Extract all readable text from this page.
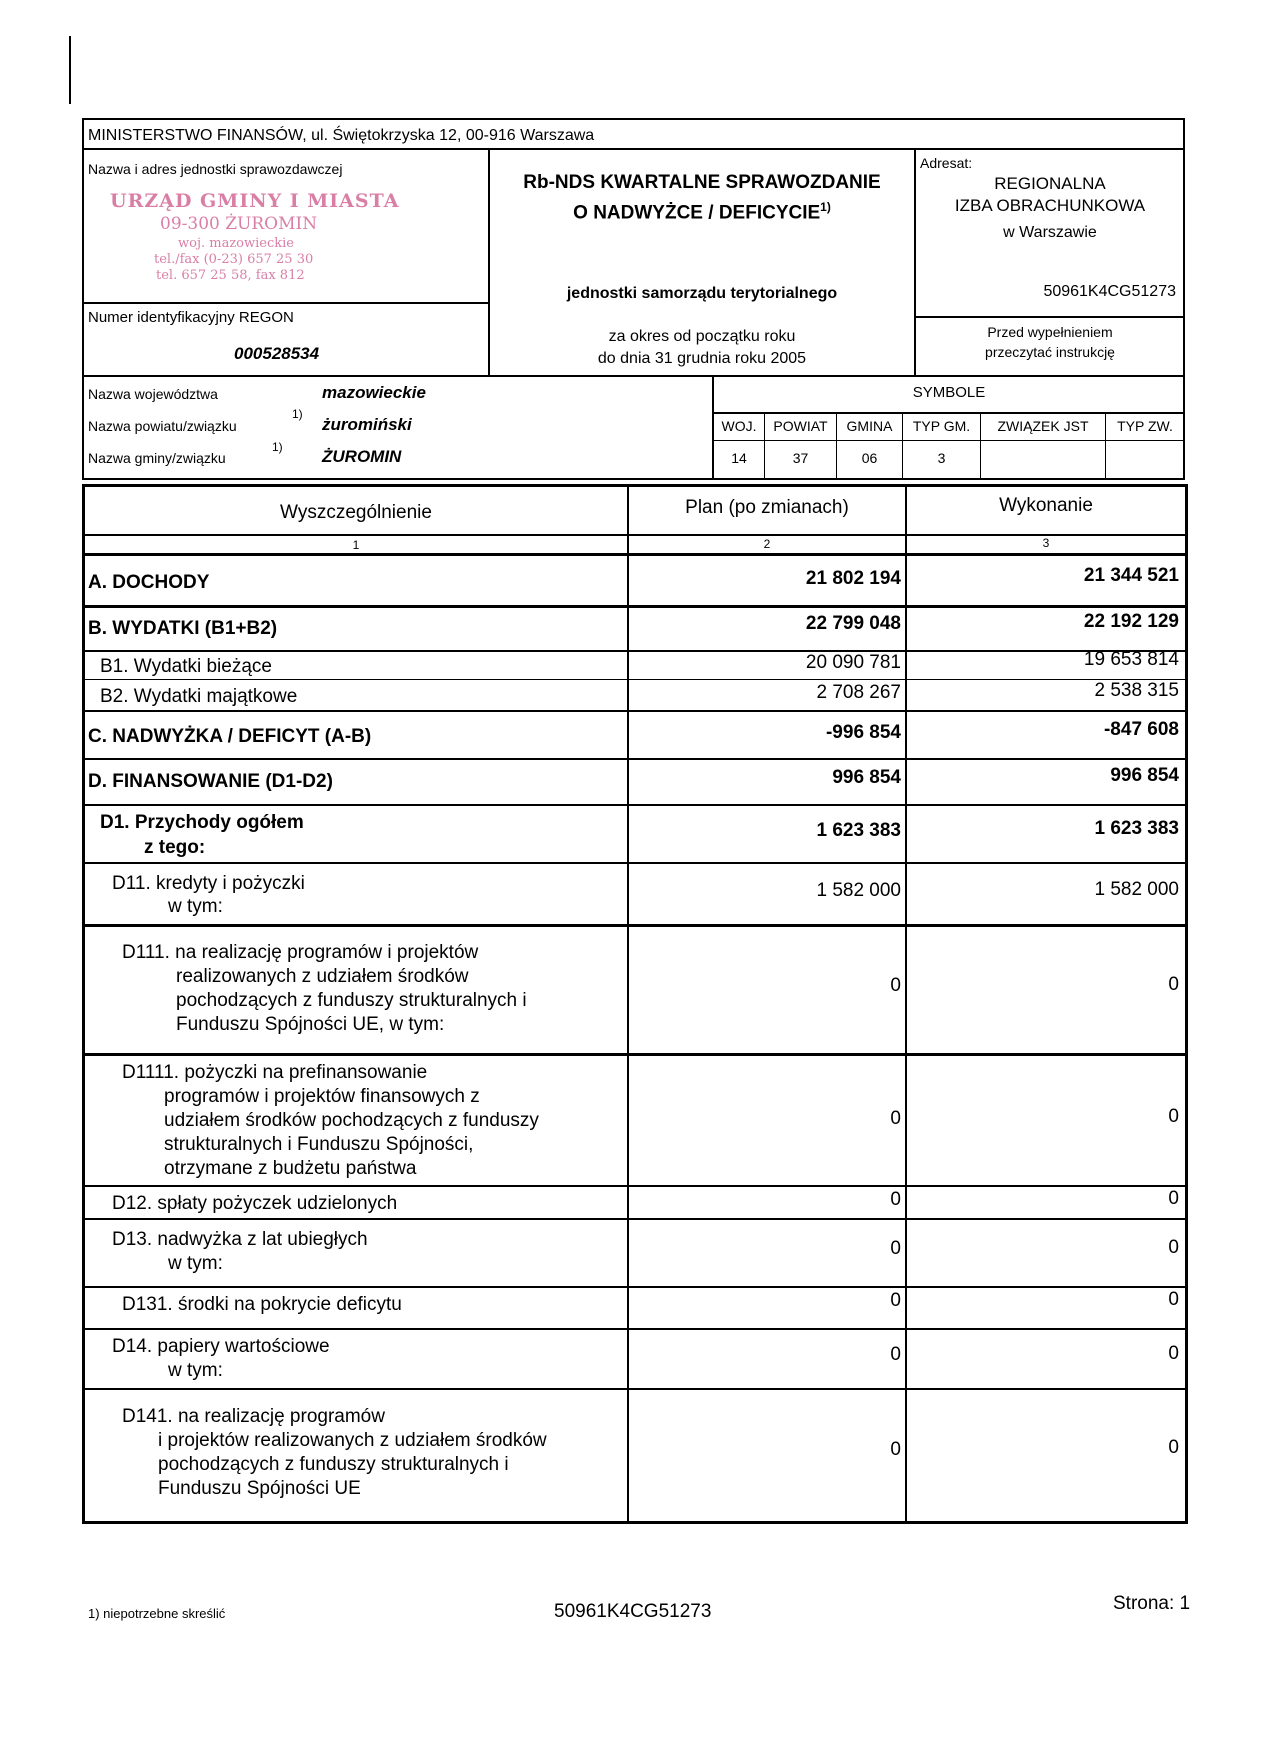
MINISTERSTWO FINANSÓW, ul. Świętokrzyska 12, 00-916 Warszawa
Nazwa i adres jednostki sprawozdawczej
URZĄD GMINY I MIASTA
09-300 ŻUROMIN
woj. mazowieckie
tel./fax (0-23) 657 25 30
tel. 657 25 58, fax 812
Numer identyfikacyjny REGON
000528534
Rb-NDS KWARTALNE SPRAWOZDANIE
O NADWYŻCE / DEFICYCIE$^{1)}$
jednostki samorządu terytorialnego
za okres od początku roku
do dnia 31 grudnia roku 2005
Adresat:
REGIONALNA
IZBA OBRACHUNKOWA
w Warszawie
50961K4CG51273
Przed wypełnieniem
przeczytać instrukcję
Nazwa województwa	mazowieckie
Nazwa powiatu/związku
1)
żuromiński
Nazwa gminy/związku
1) ŻUROMIN
SYMBOLE
WOJ.	POWIAT	GMINA	TYP GM.	ZWIĄZEK JST	TYP ZW.
14	37	06	3
Wyszczególnienie	Plan (po zmianach)	Wykonanie
1	2	3
A. DOCHODY	21 802 194	21 344 521
B. WYDATKI (B1+B2)	22 799 048	22 192 129
B1. Wydatki bieżące	20 090 781	19 653 814
B2. Wydatki majątkowe	2 708 267	2 538 315
C. NADWYŻKA / DEFICYT (A-B)	-996 854	-847 608
D. FINANSOWANIE (D1-D2)	996 854	996 854
D1. Przychody ogółem
z tego:
1 623 383	1 623 383
D11. kredyty i pożyczki
w tym:
1 582 000	1 582 000
D111. na realizację programów i projektów
realizowanych z udziałem środków
pochodzących z funduszy strukturalnych i
Funduszu Spójności UE, w tym:
0	0
D1111. pożyczki na prefinansowanie
programów i projektów finansowych z
udziałem środków pochodzących z funduszy
strukturalnych i Funduszu Spójności,
otrzymane z budżetu państwa
0	0
D12. spłaty pożyczek udzielonych	0	0
D13. nadwyżka z lat ubiegłych
w tym:
0	0
D131. środki na pokrycie deficytu	0	0
D14. papiery wartościowe
w tym:
0	0
D141. na realizację programów
i projektów realizowanych z udziałem środków
pochodzących z funduszy strukturalnych i
Funduszu Spójności UE
0	0
1) niepotrzebne skreślić	50961K4CG51273	Strona: 1
